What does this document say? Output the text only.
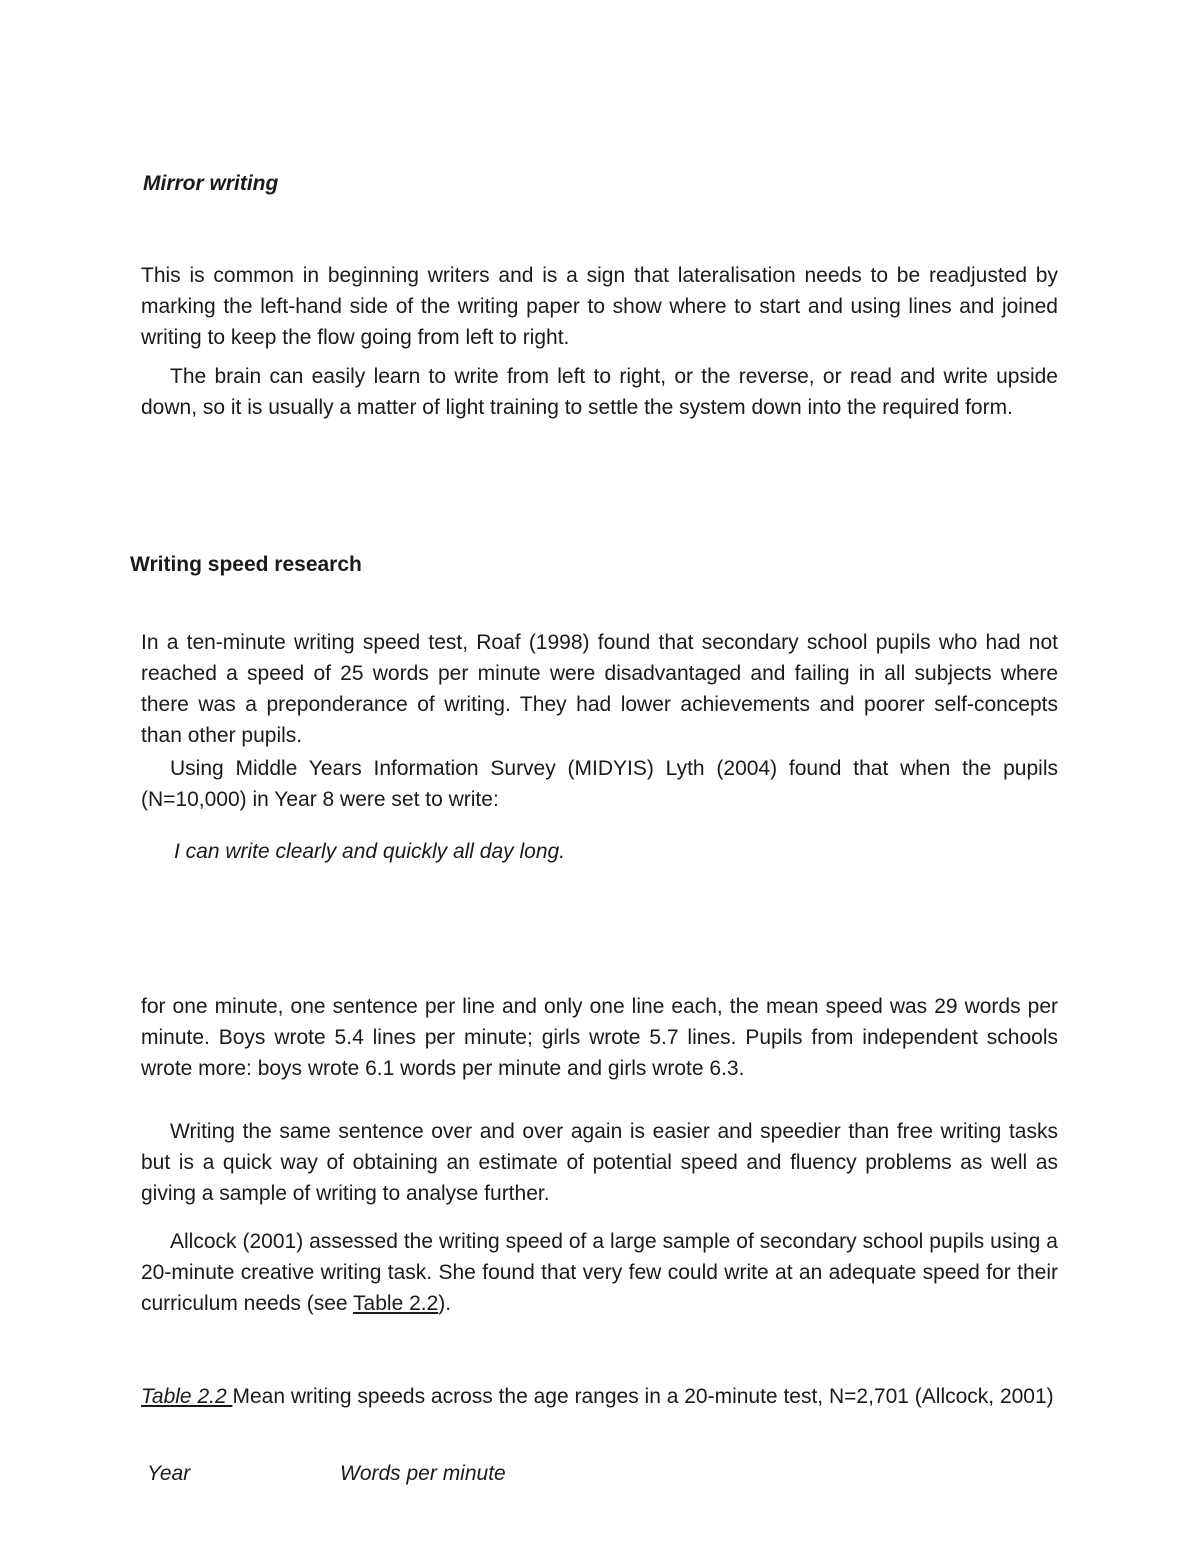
Mirror writing

This is common in beginning writers and is a sign that lateralisation needs to be readjusted by marking the left-hand side of the writing paper to show where to start and using lines and joined writing to keep the flow going from left to right.

The brain can easily learn to write from left to right, or the reverse, or read and write upside down, so it is usually a matter of light training to settle the system down into the required form.

Writing speed research

In a ten-minute writing speed test, Roaf (1998) found that secondary school pupils who had not reached a speed of 25 words per minute were disadvantaged and failing in all subjects where there was a preponderance of writing. They had lower achievements and poorer self-concepts than other pupils.

Using Middle Years Information Survey (MIDYIS) Lyth (2004) found that when the pupils (N=10,000) in Year 8 were set to write:

I can write clearly and quickly all day long.

for one minute, one sentence per line and only one line each, the mean speed was 29 words per minute. Boys wrote 5.4 lines per minute; girls wrote 5.7 lines. Pupils from independent schools wrote more: boys wrote 6.1 words per minute and girls wrote 6.3.

Writing the same sentence over and over again is easier and speedier than free writing tasks but is a quick way of obtaining an estimate of potential speed and fluency problems as well as giving a sample of writing to analyse further.

Allcock (2001) assessed the writing speed of a large sample of secondary school pupils using a 20-minute creative writing task. She found that very few could write at an adequate speed for their curriculum needs (see Table 2.2).

Table 2.2 Mean writing speeds across the age ranges in a 20-minute test, N=2,701 (Allcock, 2001)

Year	Words per minute
